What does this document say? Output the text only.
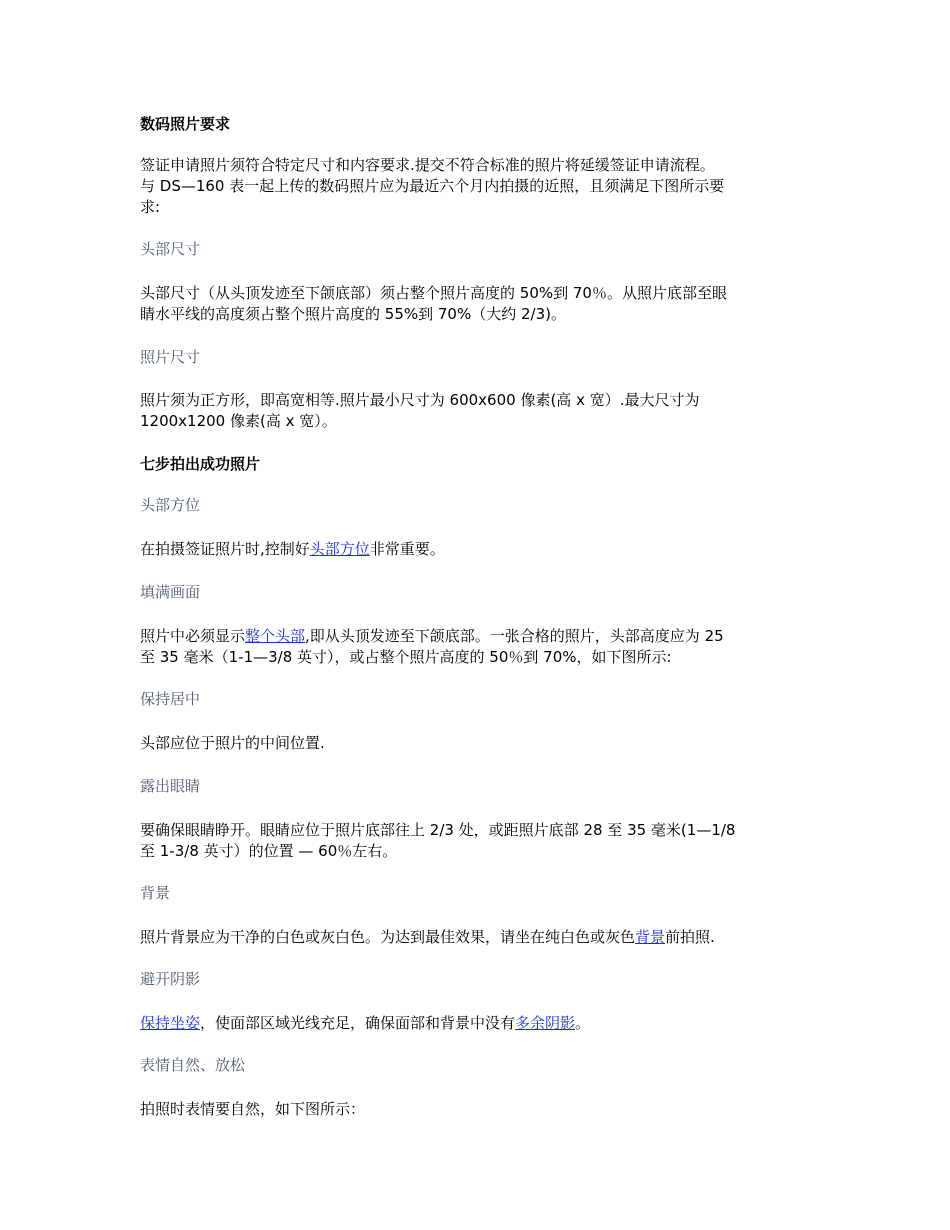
数码照片要求

签证申请照片须符合特定尺寸和内容要求.提交不符合标准的照片将延缓签证申请流程。
与 DS—160 表一起上传的数码照片应为最近六个月内拍摄的近照，且须满足下图所示要
求:

头部尺寸

头部尺寸（从头顶发迹至下颌底部）须占整个照片高度的 50%到 70％。从照片底部至眼
睛水平线的高度须占整个照片高度的 55%到 70%（大约 2/3)。

照片尺寸

照片须为正方形，即高宽相等.照片最小尺寸为 600x600 像素(高 x 宽）.最大尺寸为
1200x1200 像素(高 x 宽）。

七步拍出成功照片

头部方位

在拍摄签证照片时,控制好头部方位非常重要。

填满画面

照片中必须显示整个头部,即从头顶发迹至下颌底部。一张合格的照片，头部高度应为 25
至 35 毫米（1-1—3/8 英寸），或占整个照片高度的 50％到 70%，如下图所示:

保持居中

头部应位于照片的中间位置.

露出眼睛

要确保眼睛睁开。眼睛应位于照片底部往上 2/3 处，或距照片底部 28 至 35 毫米(1—1/8
至 1-3/8 英寸）的位置 — 60％左右。

背景

照片背景应为干净的白色或灰白色。为达到最佳效果，请坐在纯白色或灰色背景前拍照.

避开阴影

保持坐姿，使面部区域光线充足，确保面部和背景中没有多余阴影。

表情自然、放松

拍照时表情要自然，如下图所示：
